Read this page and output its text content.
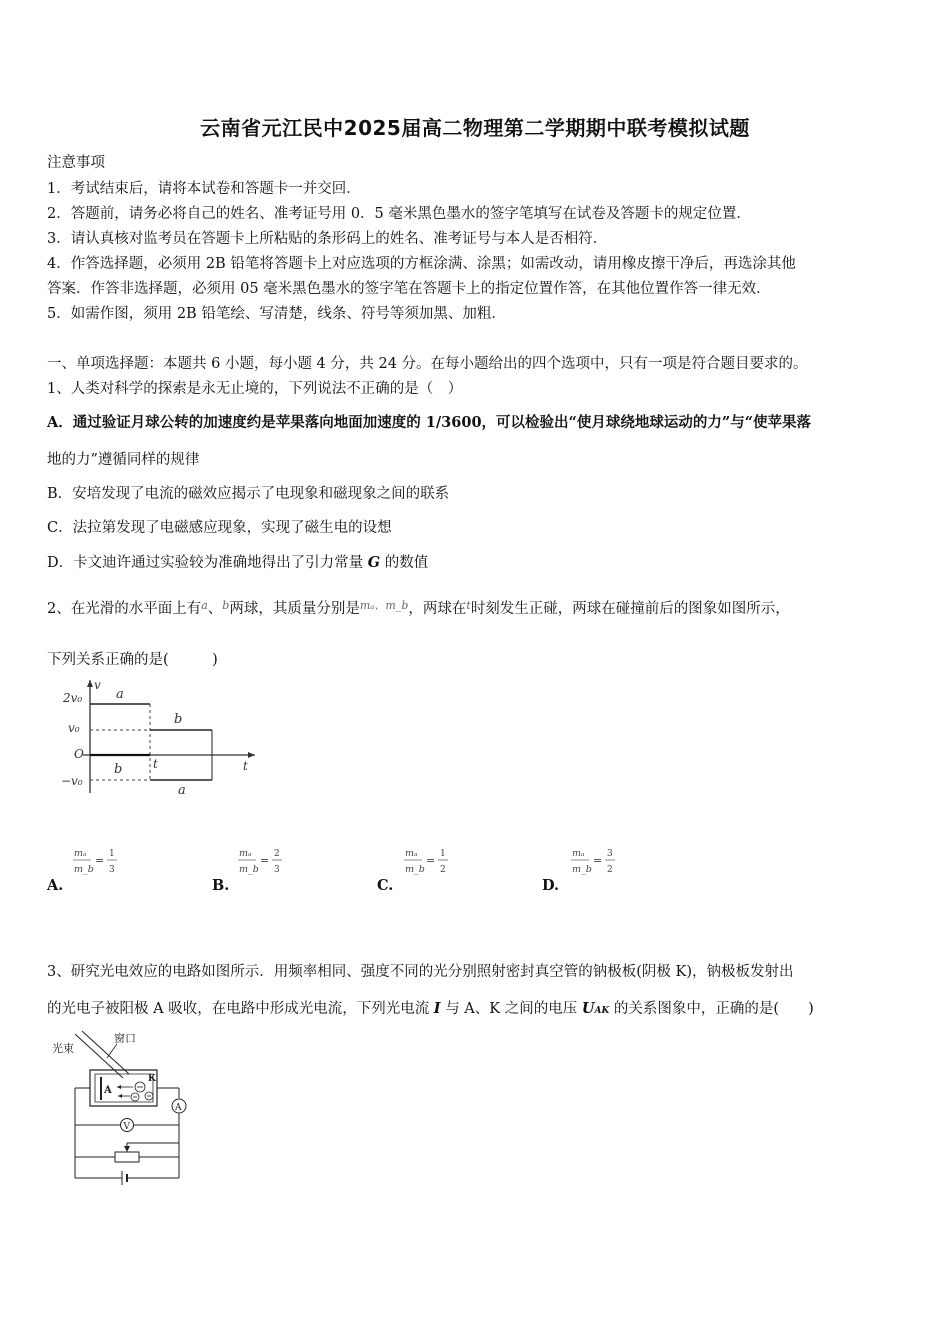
云南省元江民中2025届高二物理第二学期期中联考模拟试题
注意事项
1．考试结束后，请将本试卷和答题卡一并交回．
2．答题前，请务必将自己的姓名、准考证号用 0．5 毫米黑色墨水的签字笔填写在试卷及答题卡的规定位置．
3．请认真核对监考员在答题卡上所粘贴的条形码上的姓名、准考证号与本人是否相符．
4．作答选择题，必须用 2B 铅笔将答题卡上对应选项的方框涂满、涂黑；如需改动，请用橡皮擦干净后，再选涂其他
答案．作答非选择题，必须用 05 毫米黑色墨水的签字笔在答题卡上的指定位置作答，在其他位置作答一律无效．
5．如需作图，须用 2B 铅笔绘、写清楚，线条、符号等须加黑、加粗．
一、单项选择题：本题共 6 小题，每小题 4 分，共 24 分。在每小题给出的四个选项中，只有一项是符合题目要求的。
1、人类对科学的探索是永无止境的，下列说法不正确的是（　）
A．通过验证月球公转的加速度约是苹果落向地面加速度的 1/3600，可以检验出“使月球绕地球运动的力”与“使苹果落
地的力”遵循同样的规律
B．安培发现了电流的磁效应揭示了电现象和磁现象之间的联系
C．法拉第发现了电磁感应现象，实现了磁生电的设想
D．卡文迪许通过实验较为准确地得出了引力常量 G 的数值
2、在光滑的水平面上有$^a$、$^b$两球，其质量分别是$^{m_a、m\_b}$，两球在$^t$时刻发生正碰，两球在碰撞前后的图象如图所示，
下列关系正确的是(　　　)
2v₀
v₀
O
−v₀
v
t
t
a
b
b
a
mₐ
m_b
= 1
3
A.
mₐ
m_b
= 2
3
B.
mₐ
m_b
= 1
2
C.
mₐ
m_b
= 3
2
D.
3、研究光电效应的电路如图所示．用频率相同、强度不同的光分别照射密封真空管的钠极板(阴极 K)，钠极板发射出
的光电子被阳极 A 吸收，在电路中形成光电流，下列光电流 I 与 A、K 之间的电压 UAK 的关系图象中，正确的是(　　)
光束
窗口
A
K
A
V
